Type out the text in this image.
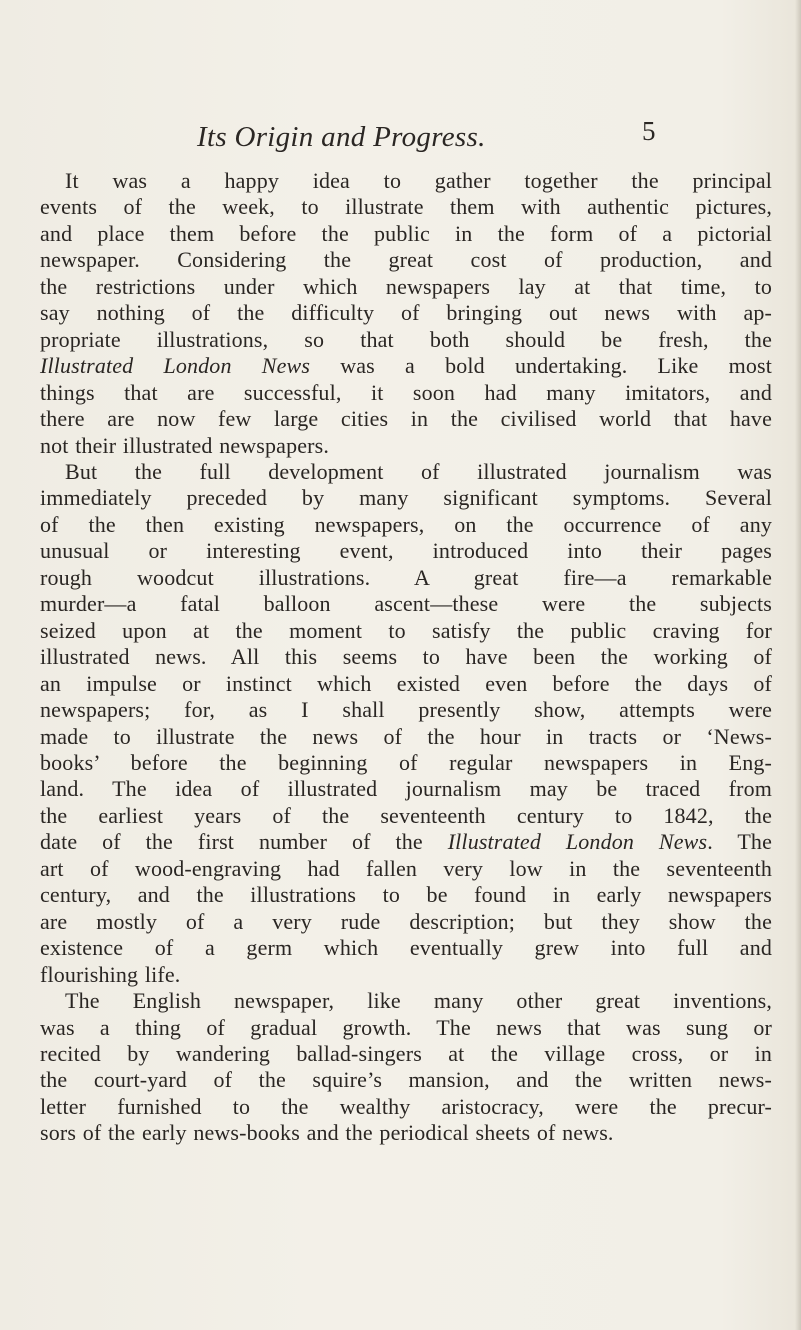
Its Origin and Progress.	5
It was a happy idea to gather together the principal
events of the week, to illustrate them with authentic pictures,
and place them before the public in the form of a pictorial
newspaper. Considering the great cost of production, and
the restrictions under which newspapers lay at that time, to
say nothing of the difficulty of bringing out news with ap-
propriate illustrations, so that both should be fresh, the
Illustrated London News was a bold undertaking. Like most
things that are successful, it soon had many imitators, and
there are now few large cities in the civilised world that have
not their illustrated newspapers.
But the full development of illustrated journalism was
immediately preceded by many significant symptoms. Several
of the then existing newspapers, on the occurrence of any
unusual or interesting event, introduced into their pages
rough woodcut illustrations. A great fire—a remarkable
murder—a fatal balloon ascent—these were the subjects
seized upon at the moment to satisfy the public craving for
illustrated news. All this seems to have been the working of
an impulse or instinct which existed even before the days of
newspapers; for, as I shall presently show, attempts were
made to illustrate the news of the hour in tracts or ‘News-
books’ before the beginning of regular newspapers in Eng-
land. The idea of illustrated journalism may be traced from
the earliest years of the seventeenth century to 1842, the
date of the first number of the Illustrated London News. The
art of wood-engraving had fallen very low in the seventeenth
century, and the illustrations to be found in early newspapers
are mostly of a very rude description; but they show the
existence of a germ which eventually grew into full and
flourishing life.
The English newspaper, like many other great inventions,
was a thing of gradual growth. The news that was sung or
recited by wandering ballad-singers at the village cross, or in
the court-yard of the squire’s mansion, and the written news-
letter furnished to the wealthy aristocracy, were the precur-
sors of the early news-books and the periodical sheets of news.
